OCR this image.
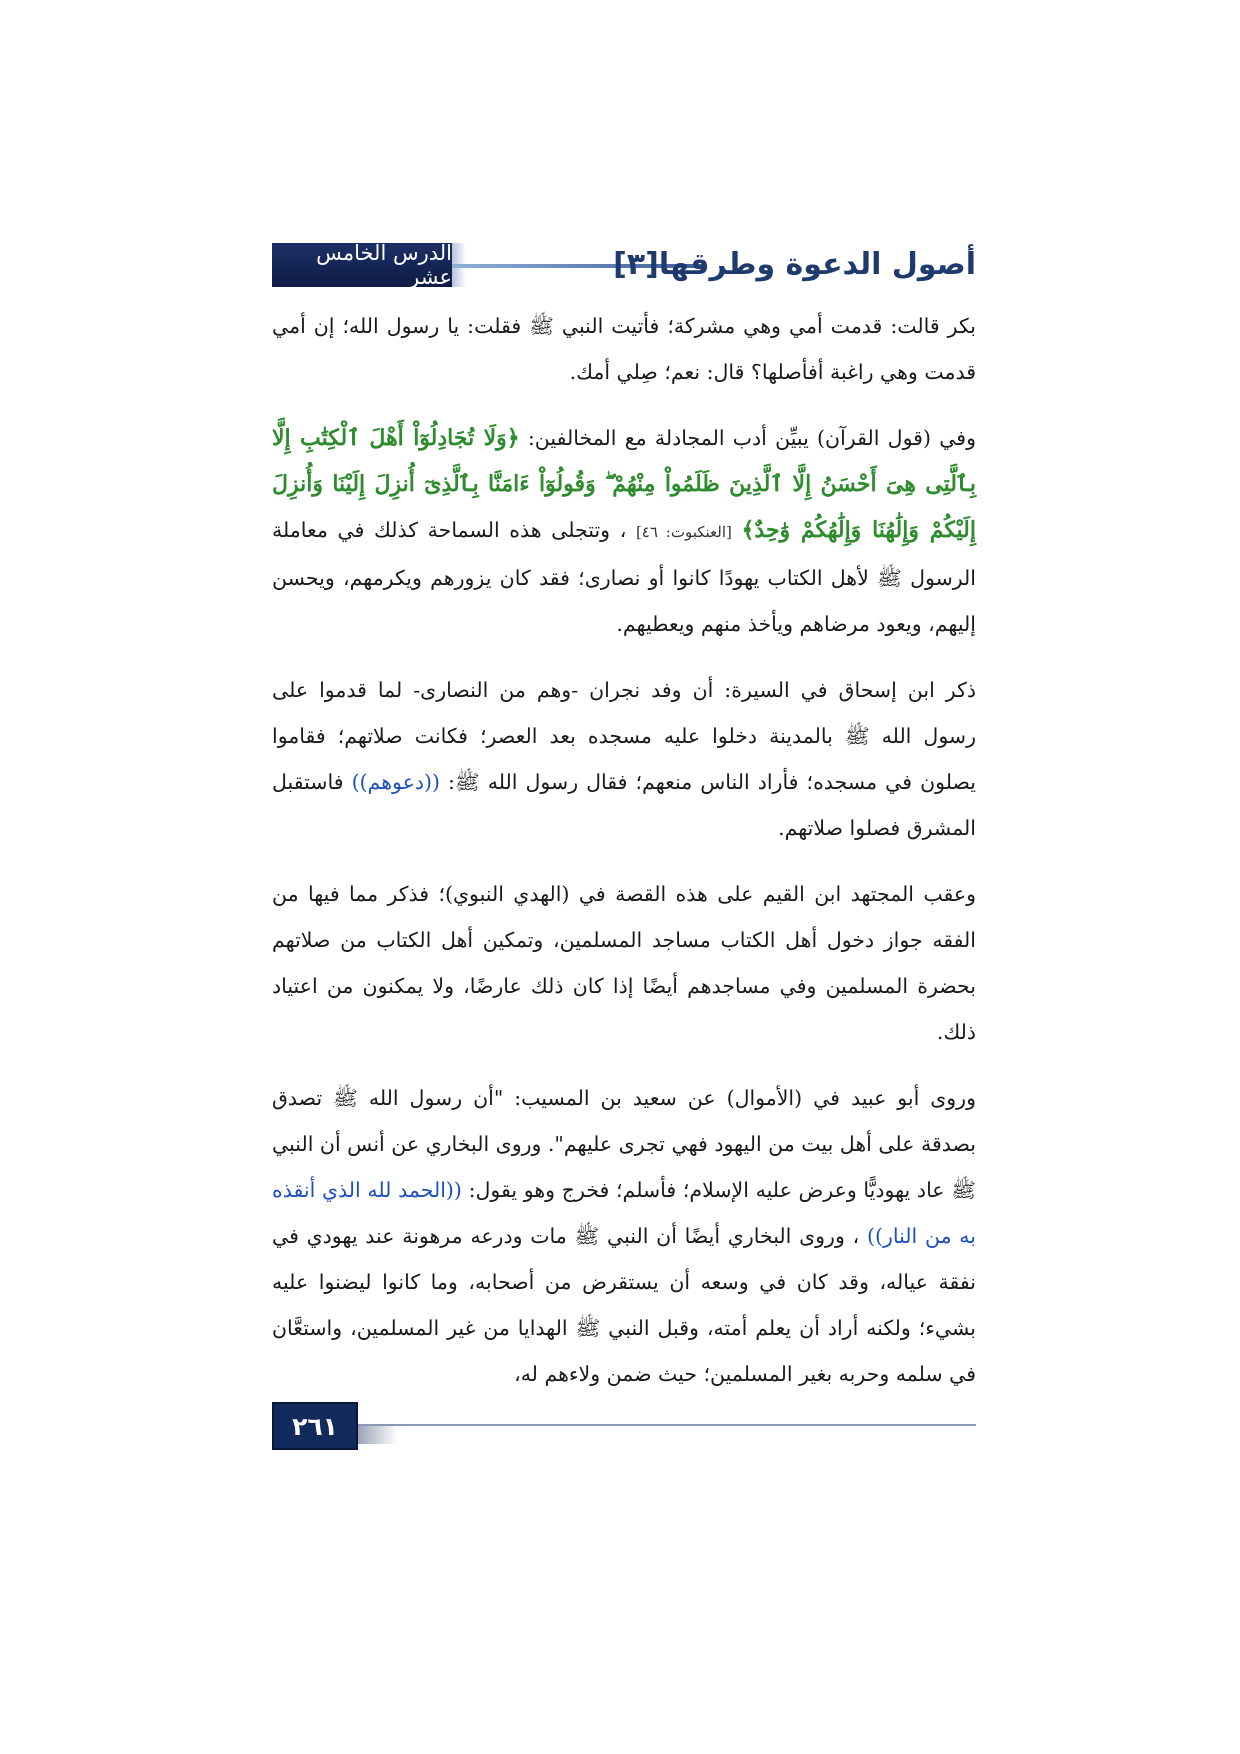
الدرس الخامس عشر	أصول الدعوة وطرقها[٣]

بكر قالت: قدمت أمي وهي مشركة؛ فأتيت النبي ﷺ فقلت: يا رسول الله؛ إن أمي قدمت وهي راغبة أفأصلها؟ قال: نعم؛ صِلي أمك.

وفي (قول القرآن) يبيِّن أدب المجادلة مع المخالفين: ﴿وَلَا تُجَادِلُوٓاْ أَهْلَ ٱلْكِتَٰبِ إِلَّا بِٱلَّتِى هِىَ أَحْسَنُ إِلَّا ٱلَّذِينَ ظَلَمُواْ مِنْهُمْ ۖ وَقُولُوٓاْ ءَامَنَّا بِٱلَّذِىٓ أُنزِلَ إِلَيْنَا وَأُنزِلَ إِلَيْكُمْ وَإِلَٰهُنَا وَإِلَٰهُكُمْ وَٰحِدٌ﴾ [العنكبوت: ٤٦] ، وتتجلى هذه السماحة كذلك في معاملة الرسول ﷺ لأهل الكتاب يهودًا كانوا أو نصارى؛ فقد كان يزورهم ويكرمهم، ويحسن إليهم، ويعود مرضاهم ويأخذ منهم ويعطيهم.

ذكر ابن إسحاق في السيرة: أن وفد نجران -وهم من النصارى- لما قدموا على رسول الله ﷺ بالمدينة دخلوا عليه مسجده بعد العصر؛ فكانت صلاتهم؛ فقاموا يصلون في مسجده؛ فأراد الناس منعهم؛ فقال رسول الله ﷺ: ((دعوهم)) فاستقبل المشرق فصلوا صلاتهم.

وعقب المجتهد ابن القيم على هذه القصة في (الهدي النبوي)؛ فذكر مما فيها من الفقه جواز دخول أهل الكتاب مساجد المسلمين، وتمكين أهل الكتاب من صلاتهم بحضرة المسلمين وفي مساجدهم أيضًا إذا كان ذلك عارضًا، ولا يمكنون من اعتياد ذلك.

وروى أبو عبيد في (الأموال) عن سعيد بن المسيب: "أن رسول الله ﷺ تصدق بصدقة على أهل بيت من اليهود فهي تجرى عليهم". وروى البخاري عن أنس أن النبي ﷺ عاد يهوديًّا وعرض عليه الإسلام؛ فأسلم؛ فخرج وهو يقول: ((الحمد لله الذي أنقذه به من النار)) ، وروى البخاري أيضًا أن النبي ﷺ مات ودرعه مرهونة عند يهودي في نفقة عياله، وقد كان في وسعه أن يستقرض من أصحابه، وما كانوا ليضنوا عليه بشيء؛ ولكنه أراد أن يعلم أمته، وقبل النبي ﷺ الهدايا من غير المسلمين، واستعَّان في سلمه وحربه بغير المسلمين؛ حيث ضمن ولاءهم له،

٢٦١
